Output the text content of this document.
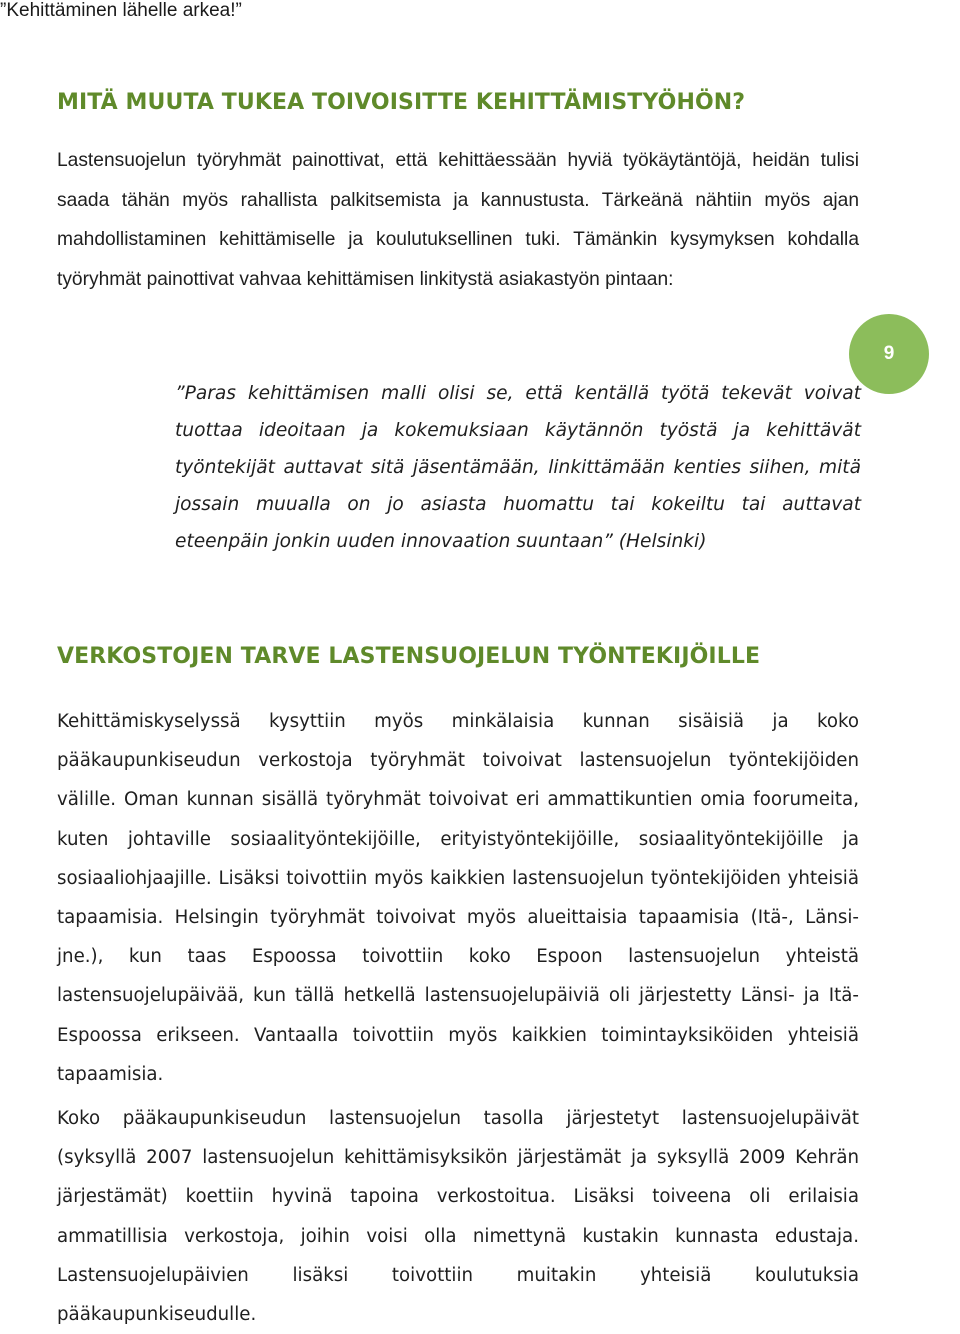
”Kehittäminen lähelle arkea!”
MITÄ MUUTA TUKEA TOIVOISITTE KEHITTÄMISTYÖHÖN?

Lastensuojelun työryhmät painottivat, että kehittäessään hyviä työkäytäntöjä, heidän tulisi saada tähän myös rahallista palkitsemista ja kannustusta. Tärkeänä nähtiin myös ajan mahdollistaminen kehittämiselle ja koulutuksellinen tuki. Tämänkin kysymyksen kohdalla työryhmät painottivat vahvaa kehittämisen linkitystä asiakastyön pintaan:

”Paras kehittämisen malli olisi se, että kentällä työtä tekevät voivat tuottaa ideoitaan ja kokemuksiaan käytännön työstä ja kehittävät työntekijät auttavat sitä jäsentämään, linkittämään kenties siihen, mitä jossain muualla on jo asiasta huomattu tai kokeiltu tai auttavat eteenpäin jonkin uuden innovaation suuntaan” (Helsinki)

VERKOSTOJEN TARVE LASTENSUOJELUN TYÖNTEKIJÖILLE

Kehittämiskyselyssä kysyttiin myös minkälaisia kunnan sisäisiä ja koko pääkaupunkiseudun verkostoja työryhmät toivoivat lastensuojelun työntekijöiden välille. Oman kunnan sisällä työryhmät toivoivat eri ammattikuntien omia foorumeita, kuten johtaville sosiaalityöntekijöille, erityistyöntekijöille, sosiaalityöntekijöille ja sosiaaliohjaajille. Lisäksi toivottiin myös kaikkien lastensuojelun työntekijöiden yhteisiä tapaamisia. Helsingin työryhmät toivoivat myös alueittaisia tapaamisia (Itä-, Länsi-jne.), kun taas Espoossa toivottiin koko Espoon lastensuojelun yhteistä lastensuojelupäivää, kun tällä hetkellä lastensuojelupäiviä oli järjestetty Länsi- ja Itä-Espoossa erikseen. Vantaalla toivottiin myös kaikkien toimintayksiköiden yhteisiä tapaamisia.

Koko pääkaupunkiseudun lastensuojelun tasolla järjestetyt lastensuojelupäivät (syksyllä 2007 lastensuojelun kehittämisyksikön järjestämät ja syksyllä 2009 Kehrän järjestämät) koettiin hyvinä tapoina verkostoitua. Lisäksi toiveena oli erilaisia ammatillisia verkostoja, joihin voisi olla nimettynä kustakin kunnasta edustaja. Lastensuojelupäivien lisäksi toivottiin muitakin yhteisiä koulutuksia pääkaupunkiseudulle.

9
